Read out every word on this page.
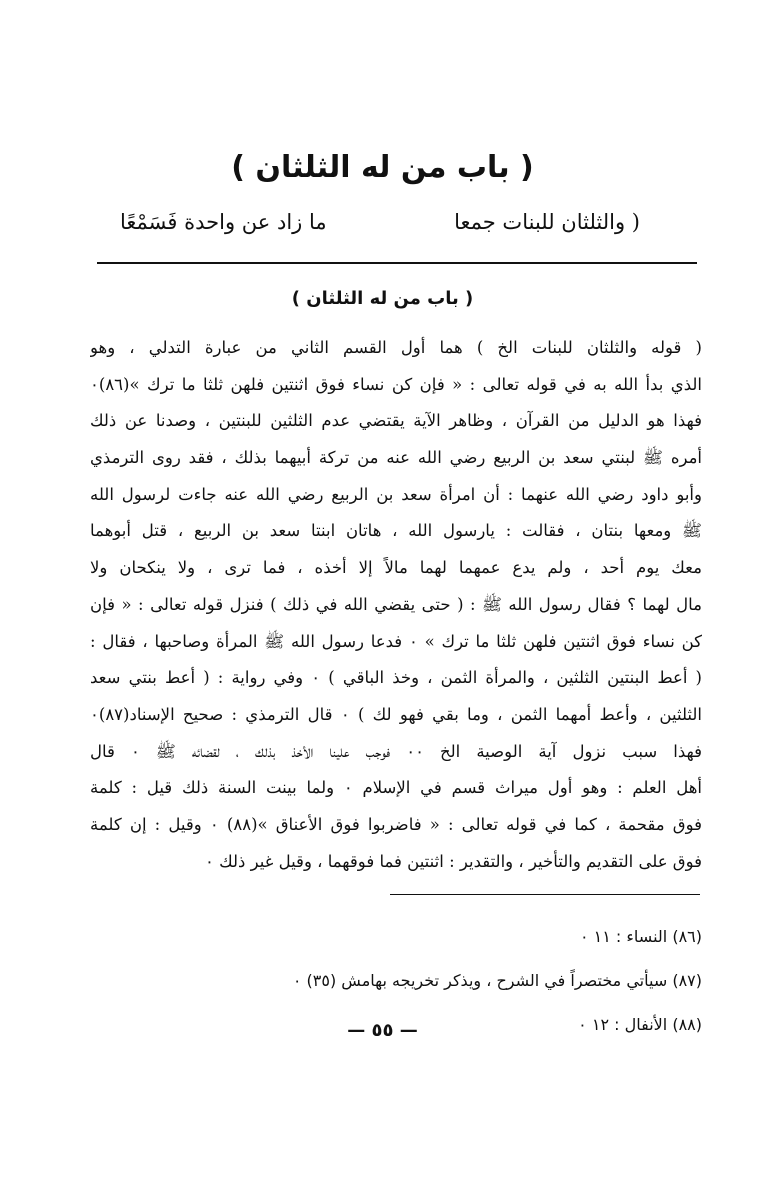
( باب من له الثلثان )
( والثلثان للبنات جمعا
ما زاد عن واحدة فَسَمْعًا
( باب من له الثلثان )

( قوله والثلثان للبنات الخ ) هما أول القسم الثاني من عبارة التدلي ، وهو

الذي بدأ الله به في قوله تعالى : « فإن كن نساء فوق اثنتين فلهن ثلثا ما ترك »(٨٦)٠

فهذا هو الدليل من القرآن ، وظاهر الآية يقتضي عدم الثلثين للبنتين ، وصدنا عن ذلك

أمره ﷺ لبنتي سعد بن الربيع رضي الله عنه من تركة أبيهما بذلك ، فقد روى الترمذي

وأبو داود رضي الله عنهما : أن امرأة سعد بن الربيع رضي الله عنه جاءت لرسول الله

ﷺ ومعها بنتان ، فقالت : يارسول الله ، هاتان ابنتا سعد بن الربيع ، قتل أبوهما

معك يوم أحد ، ولم يدع عمهما لهما مالاً إلا أخذه ، فما ترى ، ولا ينكحان ولا

مال لهما ؟ فقال رسول الله ﷺ : ( حتى يقضي الله في ذلك ) فنزل قوله تعالى : « فإن

كن نساء فوق اثنتين فلهن ثلثا ما ترك » ٠ فدعا رسول الله ﷺ المرأة وصاحبها ، فقال :

( أعط البنتين الثلثين ، والمرأة الثمن ، وخذ الباقي ) ٠ وفي رواية : ( أعط بنتي سعد

الثلثين ، وأعط أمهما الثمن ، وما بقي فهو لك ) ٠ قال الترمذي : صحيح الإسناد(٨٧)٠

فهذا سبب نزول آية الوصية الخ ٠٠ فوجب علينا الأخذ بذلك ، لقضائه ﷺ ٠ قال

أهل العلم : وهو أول ميراث قسم في الإسلام ٠ ولما بينت السنة ذلك قيل : كلمة

فوق مقحمة ، كما في قوله تعالى : « فاضربوا فوق الأعناق »(٨٨) ٠ وقيل : إن كلمة

فوق على التقديم والتأخير ، والتقدير : اثنتين فما فوقهما ، وقيل غير ذلك ٠

(٨٦) النساء : ١١ ٠

(٨٧) سيأتي مختصراً في الشرح ، ويذكر تخريجه بهامش (٣٥) ٠

(٨٨) الأنفال : ١٢ ٠

— ٥٥ —
